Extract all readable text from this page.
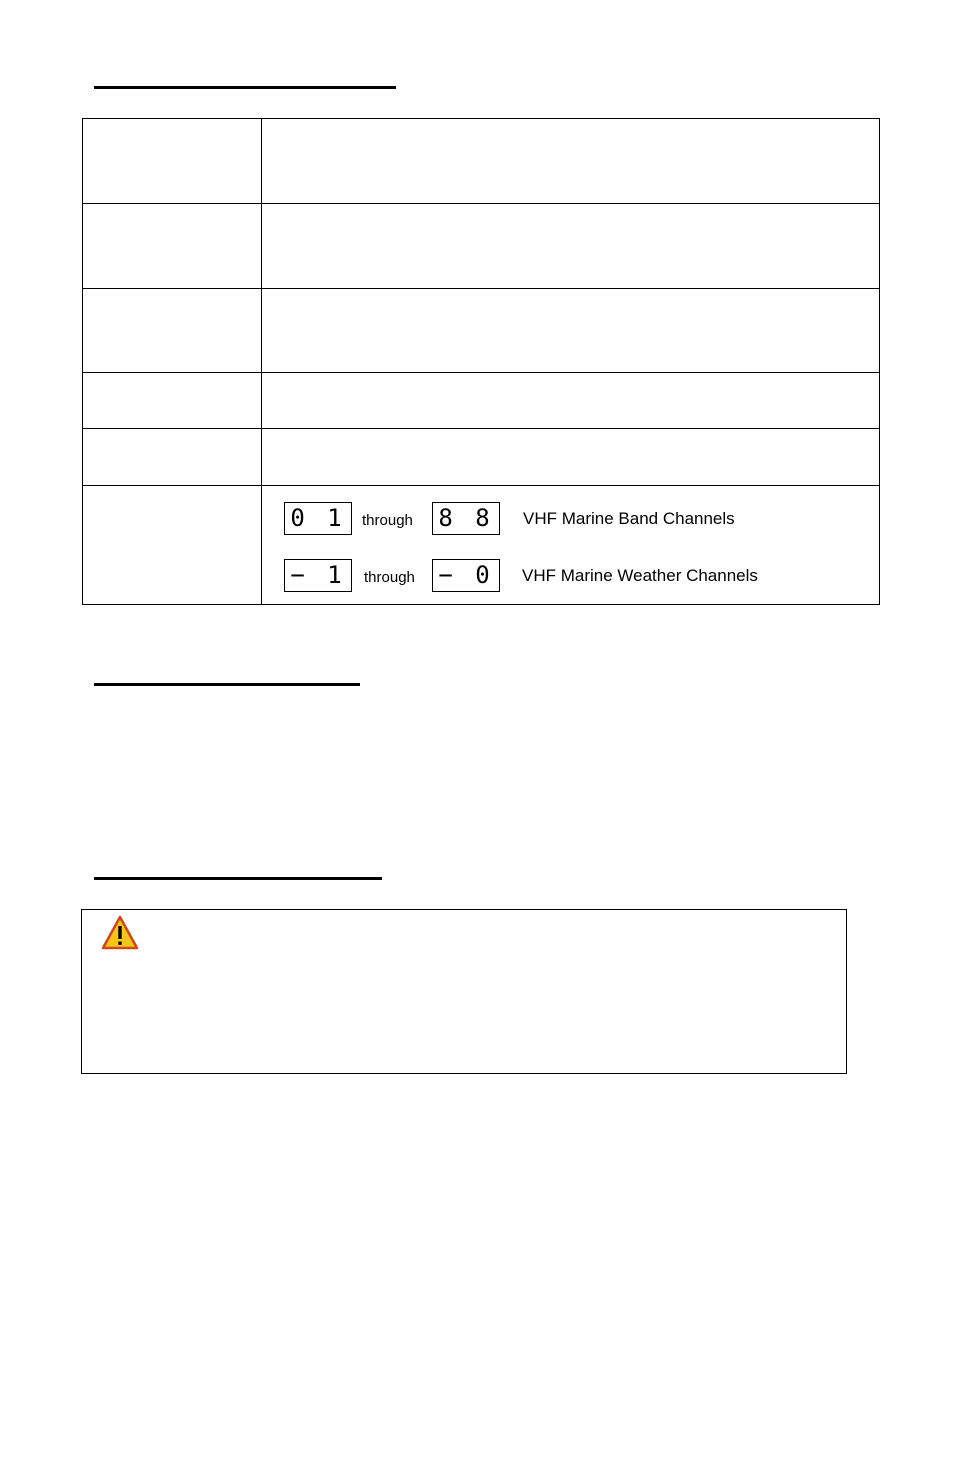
0 1	through	8 8	VHF Marine Band Channels
− 1	through − 0	VHF Marine Weather Channels
